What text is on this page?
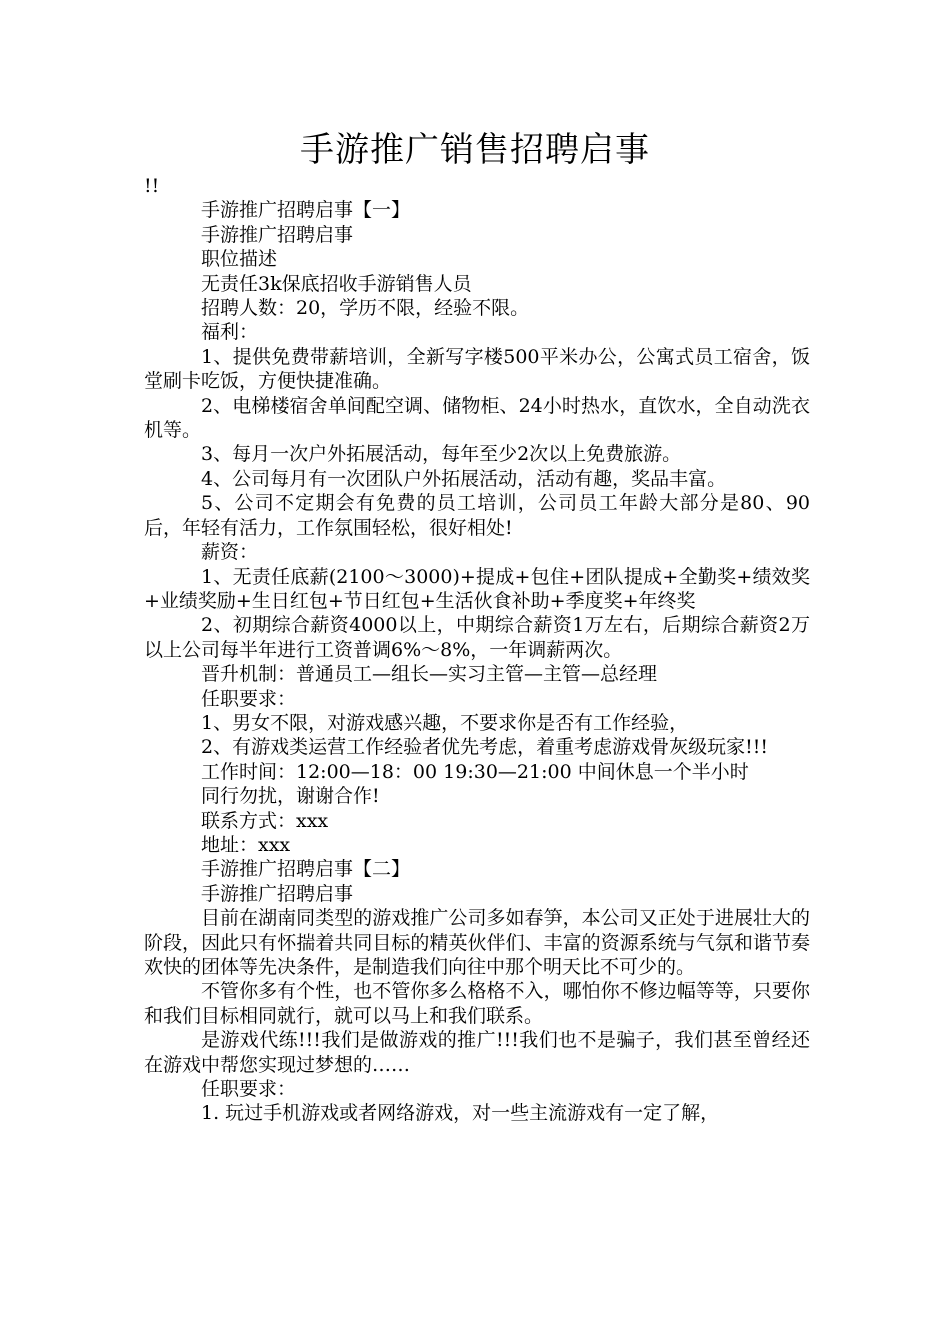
手游推广销售招聘启事

!!

手游推广招聘启事【一】

手游推广招聘启事

职位描述

无责任3k保底招收手游销售人员

招聘人数：20，学历不限，经验不限。

福利：

1、提供免费带薪培训，全新写字楼500平米办公，公寓式员工宿舍，饭堂刷卡吃饭，方便快捷准确。

2、电梯楼宿舍单间配空调、储物柜、24小时热水，直饮水，全自动洗衣机等。

3、每月一次户外拓展活动，每年至少2次以上免费旅游。

4、公司每月有一次团队户外拓展活动，活动有趣，奖品丰富。

5、公司不定期会有免费的员工培训，公司员工年龄大部分是80、90后，年轻有活力，工作氛围轻松，很好相处!

薪资：

1、无责任底薪(2100～3000)+提成+包住+团队提成+全勤奖+绩效奖+业绩奖励+生日红包+节日红包+生活伙食补助+季度奖+年终奖

2、初期综合薪资4000以上，中期综合薪资1万左右，后期综合薪资2万以上公司每半年进行工资普调6%～8%，一年调薪两次。

晋升机制：普通员工—组长—实习主管—主管—总经理

任职要求：

1、男女不限，对游戏感兴趣，不要求你是否有工作经验，

2、有游戏类运营工作经验者优先考虑，着重考虑游戏骨灰级玩家!!!

工作时间：12:00—18：00 19:30—21:00 中间休息一个半小时

同行勿扰，谢谢合作!

联系方式：xxx

地址：xxx

手游推广招聘启事【二】

手游推广招聘启事

目前在湖南同类型的游戏推广公司多如春笋，本公司又正处于进展壮大的阶段，因此只有怀揣着共同目标的精英伙伴们、丰富的资源系统与气氛和谐节奏欢快的团体等先决条件，是制造我们向往中那个明天比不可少的。

不管你多有个性，也不管你多么格格不入，哪怕你不修边幅等等，只要你和我们目标相同就行，就可以马上和我们联系。

是游戏代练!!!我们是做游戏的推广!!!我们也不是骗子，我们甚至曾经还在游戏中帮您实现过梦想的……

任职要求：

1. 玩过手机游戏或者网络游戏，对一些主流游戏有一定了解，
